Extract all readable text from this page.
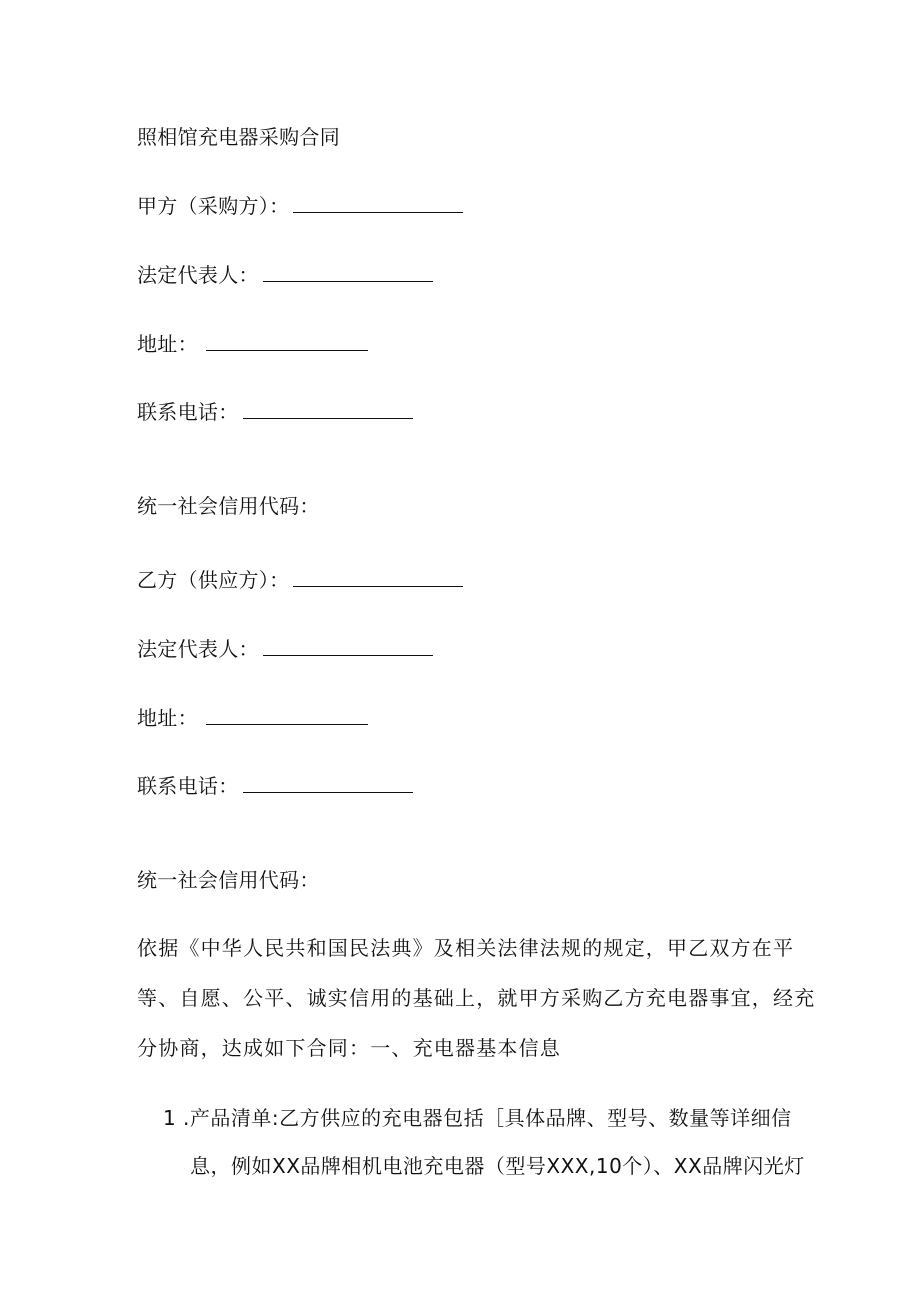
照相馆充电器采购合同
甲方（采购方）：
法定代表人：
地址：
联系电话：
统一社会信用代码：
乙方（供应方）：
法定代表人：
地址：
联系电话：
统一社会信用代码：
依据《中华人民共和国民法典》及相关法律法规的规定，甲乙双方在平
等、自愿、公平、诚实信用的基础上，就甲方采购乙方充电器事宜，经充
分协商，达成如下合同：一、充电器基本信息
1 .产品清单:乙方供应的充电器包括［具体品牌、型号、数量等详细信
息，例如XX品牌相机电池充电器（型号XXX,10个）、XX品牌闪光灯
